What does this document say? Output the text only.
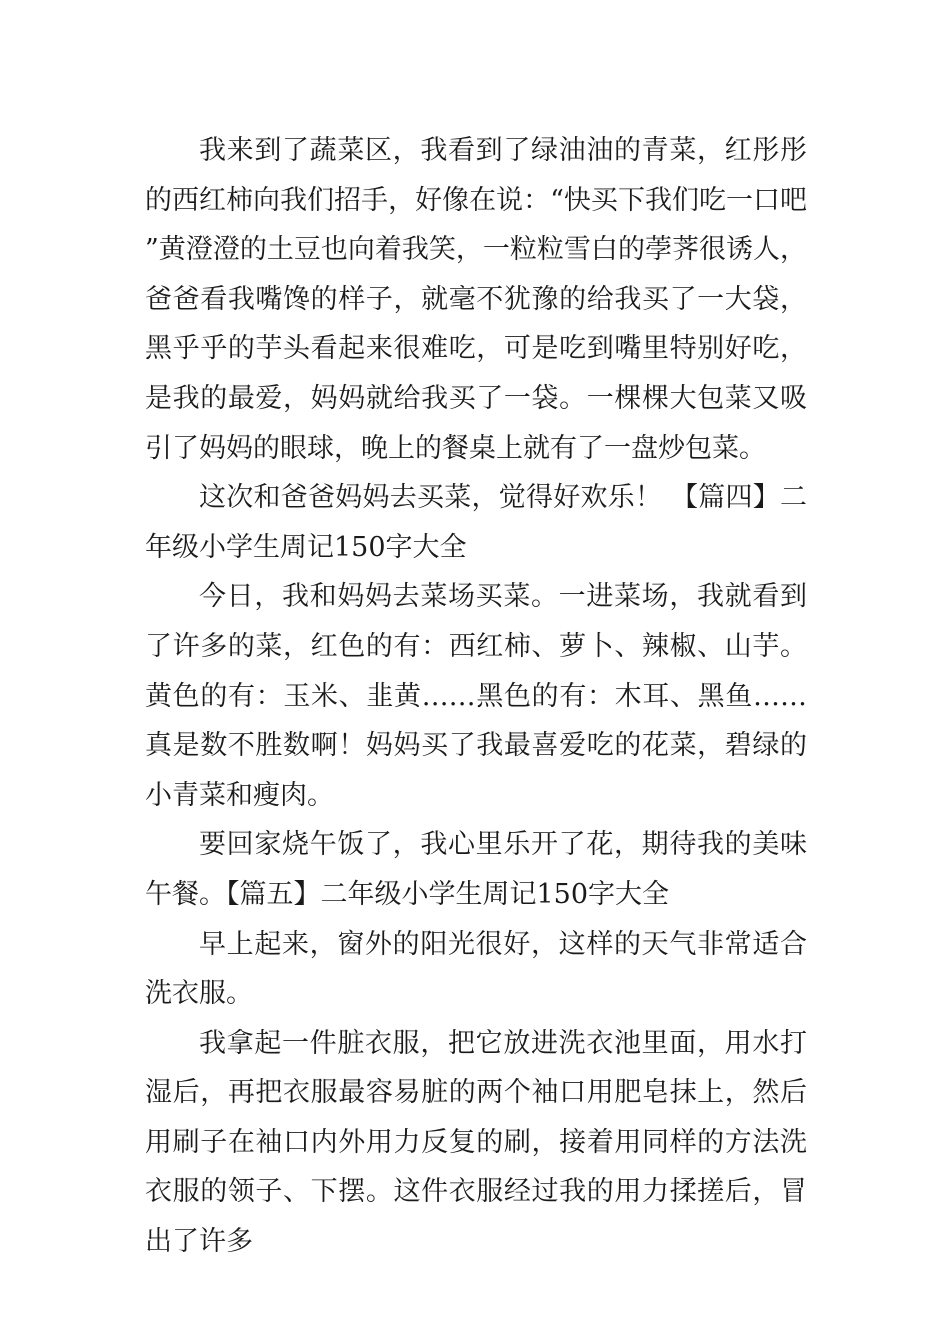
我来到了蔬菜区，我看到了绿油油的青菜，红彤彤的西红柿向我们招手，好像在说：“快买下我们吃一口吧”黄澄澄的土豆也向着我笑，一粒粒雪白的荸荠很诱人，爸爸看我嘴馋的样子，就毫不犹豫的给我买了一大袋，黑乎乎的芋头看起来很难吃，可是吃到嘴里特别好吃，是我的最爱，妈妈就给我买了一袋。一棵棵大包菜又吸引了妈妈的眼球，晚上的餐桌上就有了一盘炒包菜。

这次和爸爸妈妈去买菜，觉得好欢乐！ 【篇四】二年级小学生周记150字大全

今日，我和妈妈去菜场买菜。一进菜场，我就看到了许多的菜，红色的有：西红柿、萝卜、辣椒、山芋。黄色的有：玉米、韭黄……黑色的有：木耳、黑鱼……真是数不胜数啊！妈妈买了我最喜爱吃的花菜，碧绿的小青菜和瘦肉。

要回家烧午饭了，我心里乐开了花，期待我的美味午餐。【篇五】二年级小学生周记150字大全

早上起来，窗外的阳光很好，这样的天气非常适合洗衣服。

我拿起一件脏衣服，把它放进洗衣池里面，用水打湿后，再把衣服最容易脏的两个袖口用肥皂抹上，然后用刷子在袖口内外用力反复的刷，接着用同样的方法洗衣服的领子、下摆。这件衣服经过我的用力揉搓后，冒出了许多
